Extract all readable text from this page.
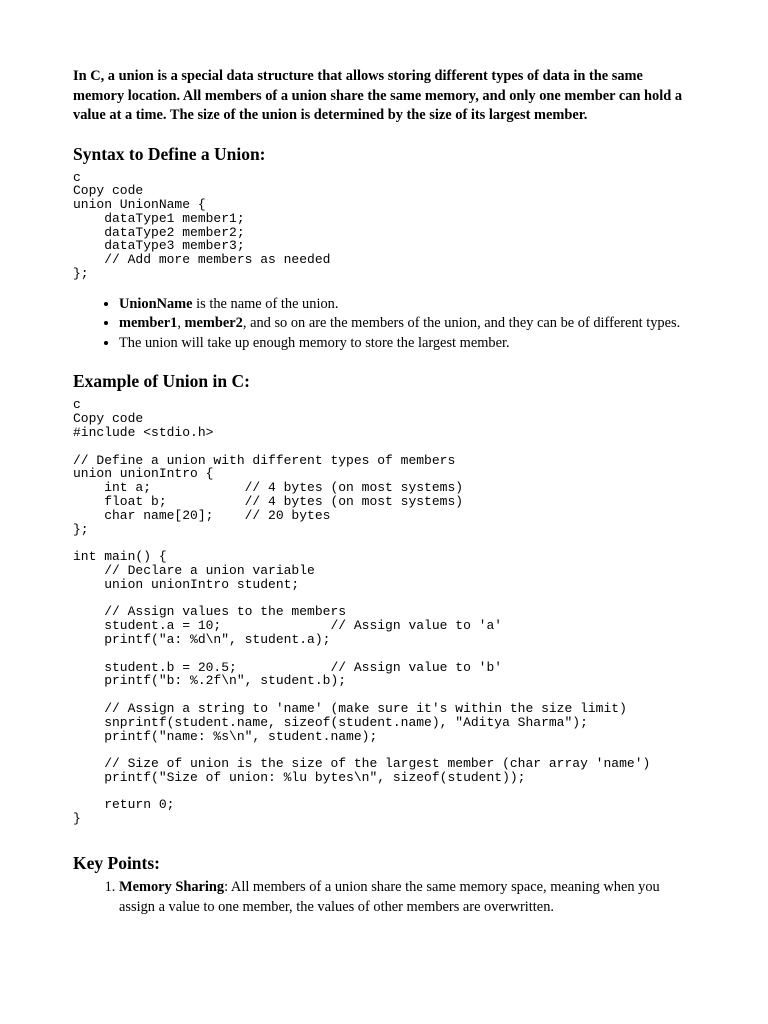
In C, a union is a special data structure that allows storing different types of data in the same memory location. All members of a union share the same memory, and only one member can hold a value at a time. The size of the union is determined by the size of its largest member.

Syntax to Define a Union:
c
Copy code
union UnionName {
dataType1 member1;
dataType2 member2;
dataType3 member3;
// Add more members as needed
};
• UnionName is the name of the union.
• member1, member2, and so on are the members of the union, and they can be of different types.
• The union will take up enough memory to store the largest member.
Example of Union in C:
c
Copy code
#include <stdio.h>

// Define a union with different types of members
union unionIntro {
int a;            // 4 bytes (on most systems)
float b;          // 4 bytes (on most systems)
char name[20];    // 20 bytes
};

int main() {
// Declare a union variable
union unionIntro student;

// Assign values to the members
student.a = 10;              // Assign value to 'a'
printf("a: %d\n", student.a);

student.b = 20.5;            // Assign value to 'b'
printf("b: %.2f\n", student.b);

// Assign a string to 'name' (make sure it's within the size limit)
snprintf(student.name, sizeof(student.name), "Aditya Sharma");
printf("name: %s\n", student.name);

// Size of union is the size of the largest member (char array 'name')
printf("Size of union: %lu bytes\n", sizeof(student));

return 0;
}
Key Points:
1. Memory Sharing: All members of a union share the same memory space, meaning when you assign a value to one member, the values of other members are overwritten.
